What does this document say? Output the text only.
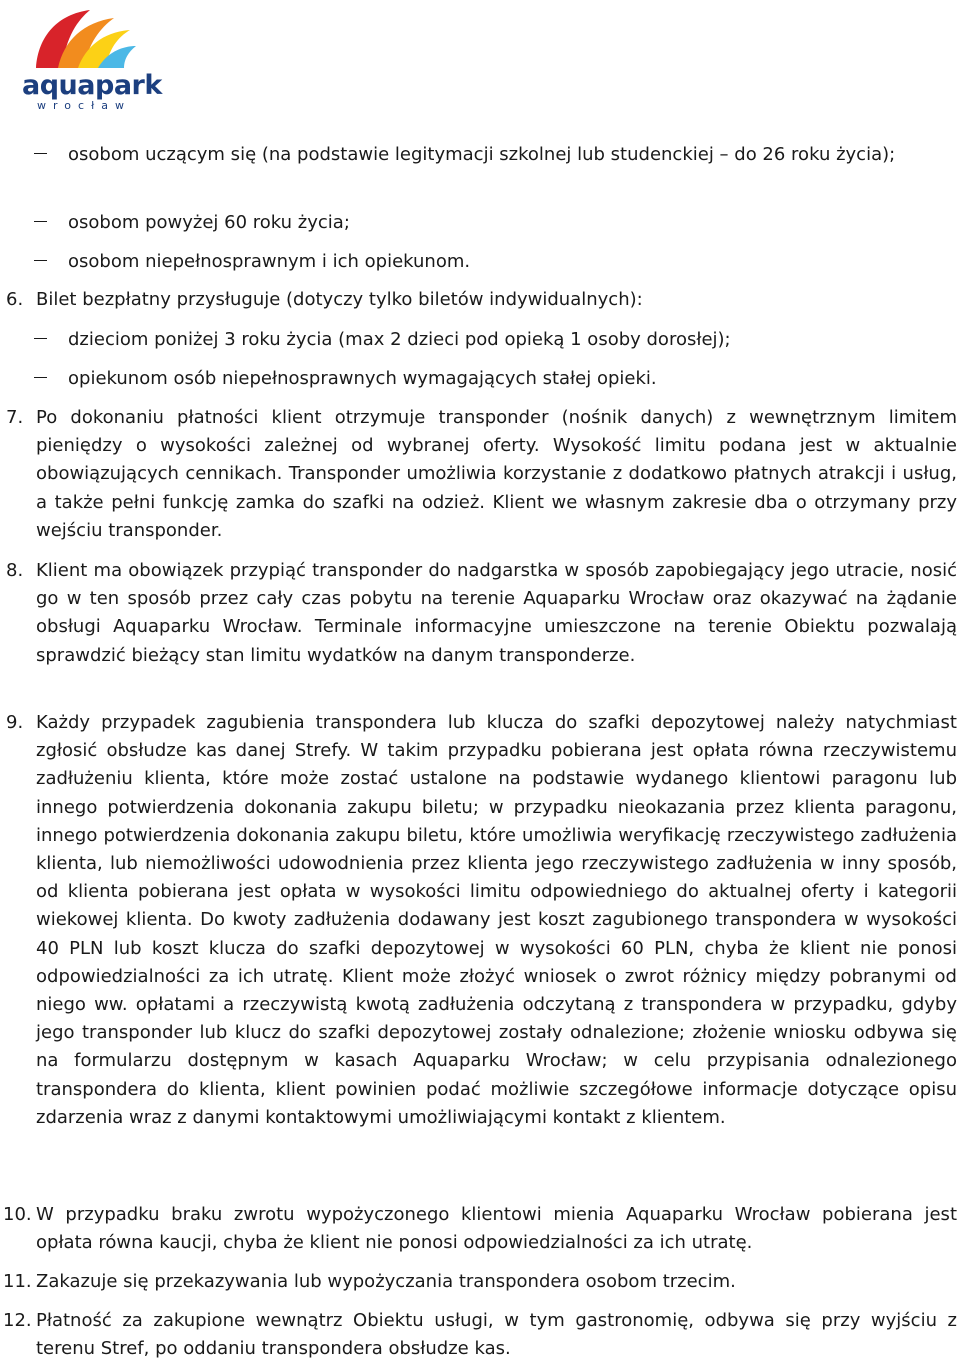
aquapark
wrocław
osobom uczącym się (na podstawie legitymacji szkolnej lub studenckiej – do 26 roku życia);
osobom powyżej 60 roku życia;
osobom niepełnosprawnym i ich opiekunom.
6. Bilet bezpłatny przysługuje (dotyczy tylko biletów indywidualnych):
dzieciom poniżej 3 roku życia (max 2 dzieci pod opieką 1 osoby dorosłej);
opiekunom osób niepełnosprawnych wymagających stałej opieki.
7. Po dokonaniu płatności klient otrzymuje transponder (nośnik danych) z wewnętrznym limitem pieniędzy o wysokości zależnej od wybranej oferty. Wysokość limitu podana jest w aktualnie obowiązujących cennikach. Transponder umożliwia korzystanie z dodatkowo płatnych atrakcji i usług, a także pełni funkcję zamka do szafki na odzież. Klient we własnym zakresie dba o otrzymany przy wejściu transponder.
8. Klient ma obowiązek przypiąć transponder do nadgarstka w sposób zapobiegający jego utracie, nosić go w ten sposób przez cały czas pobytu na terenie Aquaparku Wrocław oraz okazywać na żądanie obsługi Aquaparku Wrocław. Terminale informacyjne umieszczone na terenie Obiektu pozwalają sprawdzić bieżący stan limitu wydatków na danym transponderze.
9. Każdy przypadek zagubienia transpondera lub klucza do szafki depozytowej należy natychmiast zgłosić obsłudze kas danej Strefy. W takim przypadku pobierana jest opłata równa rzeczywistemu zadłużeniu klienta, które może zostać ustalone na podstawie wydanego klientowi paragonu lub innego potwierdzenia dokonania zakupu biletu; w przypadku nieokazania przez klienta paragonu, innego potwierdzenia dokonania zakupu biletu, które umożliwia weryfikację rzeczywistego zadłużenia klienta, lub niemożliwości udowodnienia przez klienta jego rzeczywistego zadłużenia w inny sposób, od klienta pobierana jest opłata w wysokości limitu odpowiedniego do aktualnej oferty i kategorii wiekowej klienta. Do kwoty zadłużenia dodawany jest koszt zagubionego transpondera w wysokości 40 PLN lub koszt klucza do szafki depozytowej w wysokości 60 PLN, chyba że klient nie ponosi odpowiedzialności za ich utratę. Klient może złożyć wniosek o zwrot różnicy między pobranymi od niego ww. opłatami a rzeczywistą kwotą zadłużenia odczytaną z transpondera w przypadku, gdyby jego transponder lub klucz do szafki depozytowej zostały odnalezione; złożenie wniosku odbywa się na formularzu dostępnym w kasach Aquaparku Wrocław; w celu przypisania odnalezionego transpondera do klienta, klient powinien podać możliwie szczegółowe informacje dotyczące opisu zdarzenia wraz z danymi kontaktowymi umożliwiającymi kontakt z klientem.
10. W przypadku braku zwrotu wypożyczonego klientowi mienia Aquaparku Wrocław pobierana jest opłata równa kaucji, chyba że klient nie ponosi odpowiedzialności za ich utratę.
11. Zakazuje się przekazywania lub wypożyczania transpondera osobom trzecim.
12. Płatność za zakupione wewnątrz Obiektu usługi, w tym gastronomię, odbywa się przy wyjściu z terenu Stref, po oddaniu transpondera obsłudze kas.
